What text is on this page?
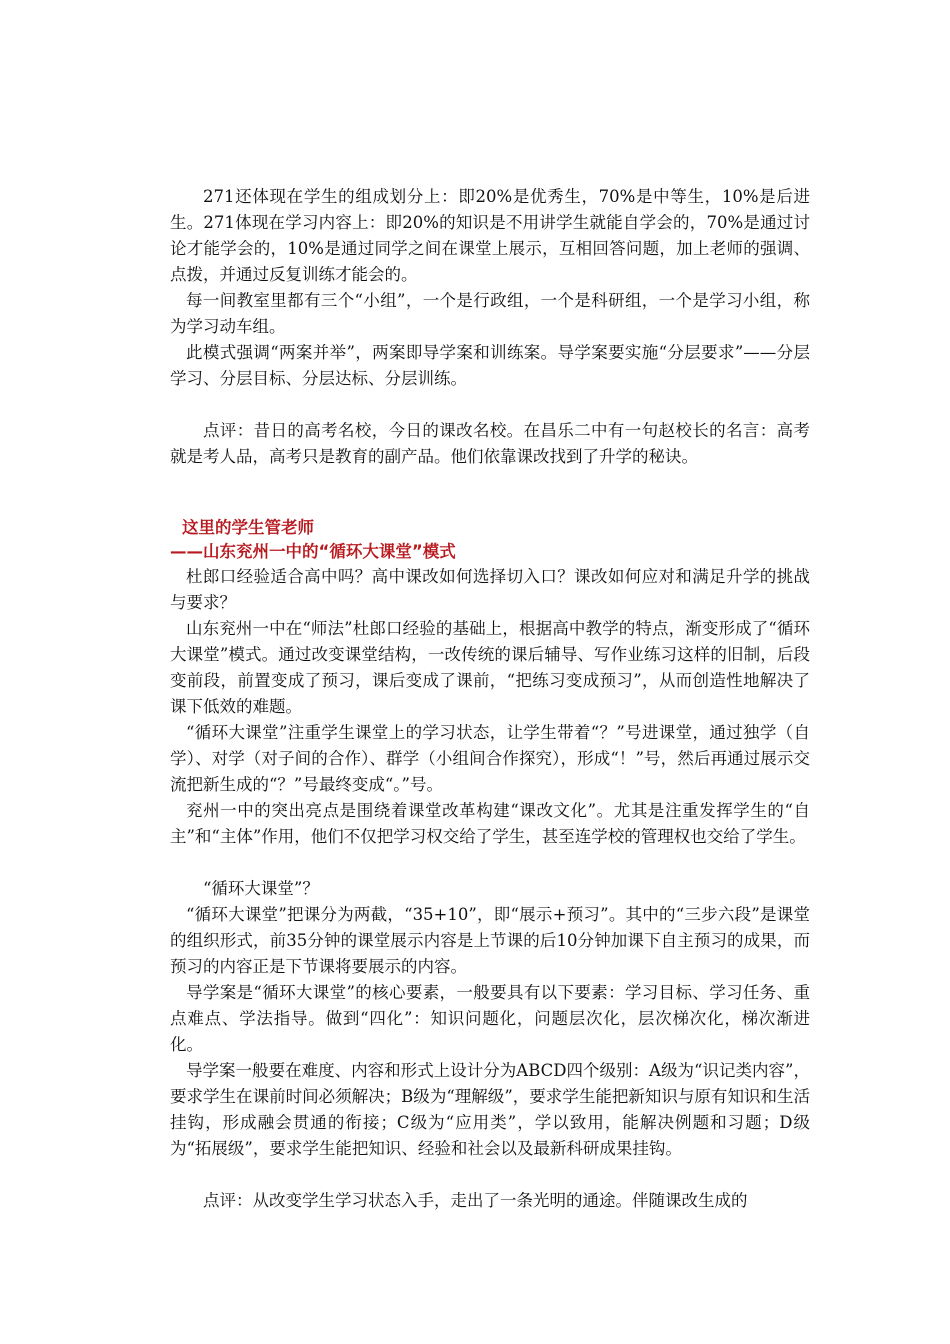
271还体现在学生的组成划分上：即20%是优秀生，70%是中等生，10%是后进生。271体现在学习内容上：即20%的知识是不用讲学生就能自学会的，70%是通过讨论才能学会的，10%是通过同学之间在课堂上展示，互相回答问题，加上老师的强调、点拨，并通过反复训练才能会的。

每一间教室里都有三个“小组”，一个是行政组，一个是科研组，一个是学习小组，称为学习动车组。

此模式强调“两案并举”，两案即导学案和训练案。导学案要实施“分层要求”——分层学习、分层目标、分层达标、分层训练。

点评：昔日的高考名校，今日的课改名校。在昌乐二中有一句赵校长的名言：高考就是考人品，高考只是教育的副产品。他们依靠课改找到了升学的秘诀。

这里的学生管老师

——山东兖州一中的“循环大课堂”模式

杜郎口经验适合高中吗？高中课改如何选择切入口？课改如何应对和满足升学的挑战与要求？

山东兖州一中在“师法”杜郎口经验的基础上，根据高中教学的特点，渐变形成了“循环大课堂”模式。通过改变课堂结构，一改传统的课后辅导、写作业练习这样的旧制，后段变前段，前置变成了预习，课后变成了课前，“把练习变成预习”，从而创造性地解决了课下低效的难题。

“循环大课堂”注重学生课堂上的学习状态，让学生带着“？”号进课堂，通过独学（自学）、对学（对子间的合作）、群学（小组间合作探究），形成“！”号，然后再通过展示交流把新生成的“？”号最终变成“。”号。

兖州一中的突出亮点是围绕着课堂改革构建“课改文化”。尤其是注重发挥学生的“自主”和“主体”作用，他们不仅把学习权交给了学生，甚至连学校的管理权也交给了学生。

“循环大课堂”？

“循环大课堂”把课分为两截，“35+10”，即“展示+预习”。其中的“三步六段”是课堂的组织形式，前35分钟的课堂展示内容是上节课的后10分钟加课下自主预习的成果，而预习的内容正是下节课将要展示的内容。

导学案是“循环大课堂”的核心要素，一般要具有以下要素：学习目标、学习任务、重点难点、学法指导。做到“四化”：知识问题化，问题层次化，层次梯次化，梯次渐进化。

导学案一般要在难度、内容和形式上设计分为ABCD四个级别：A级为“识记类内容”，要求学生在课前时间必须解决；B级为“理解级”，要求学生能把新知识与原有知识和生活挂钩，形成融会贯通的衔接；C级为“应用类”，学以致用，能解决例题和习题；D级为“拓展级”，要求学生能把知识、经验和社会以及最新科研成果挂钩。

点评：从改变学生学习状态入手，走出了一条光明的通途。伴随课改生成的
